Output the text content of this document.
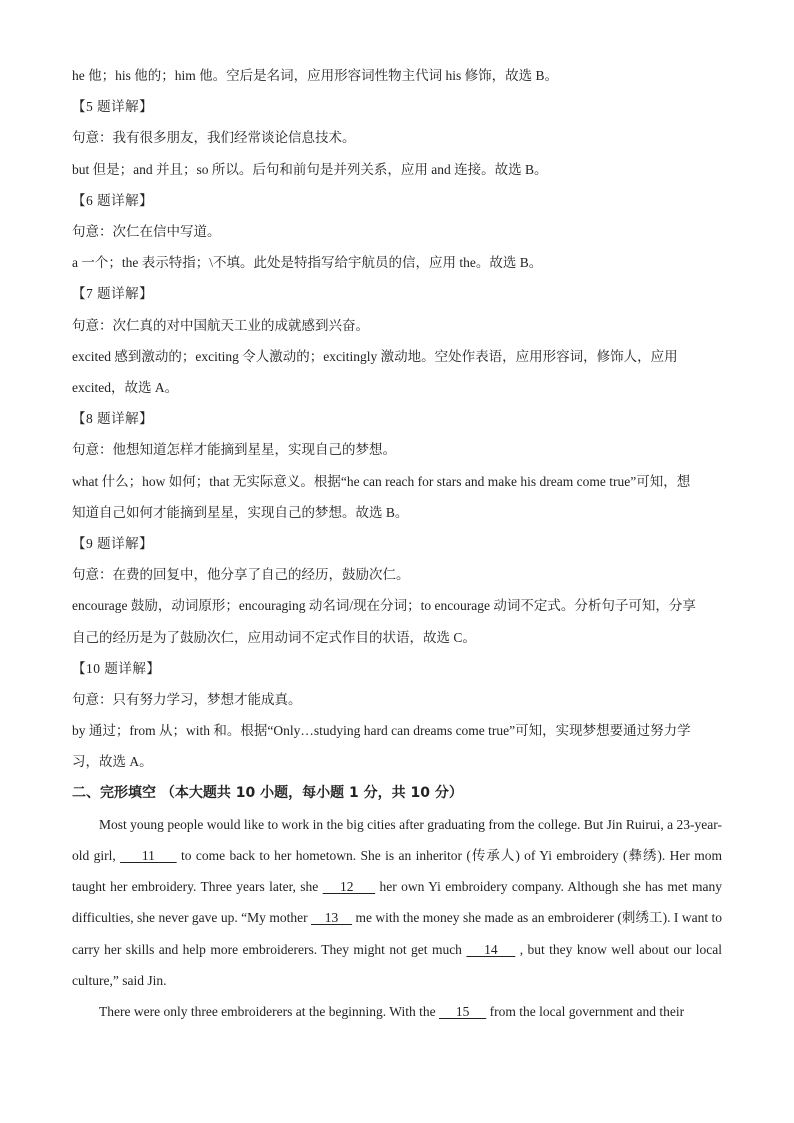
he 他；his 他的；him 他。空后是名词，应用形容词性物主代词 his 修饰，故选 B。
【5 题详解】
句意：我有很多朋友，我们经常谈论信息技术。
but 但是；and 并且；so 所以。后句和前句是并列关系，应用 and 连接。故选 B。
【6 题详解】
句意：次仁在信中写道。
a 一个；the 表示特指；\不填。此处是特指写给宇航员的信，应用 the。故选 B。
【7 题详解】
句意：次仁真的对中国航天工业的成就感到兴奋。
excited 感到激动的；exciting 令人激动的；excitingly 激动地。空处作表语，应用形容词，修饰人，应用
excited，故选 A。
【8 题详解】
句意：他想知道怎样才能摘到星星，实现自己的梦想。
what 什么；how 如何；that 无实际意义。根据“he can reach for stars and make his dream come true”可知，想
知道自己如何才能摘到星星，实现自己的梦想。故选 B。
【9 题详解】
句意：在费的回复中，他分享了自己的经历，鼓励次仁。
encourage 鼓励，动词原形；encouraging 动名词/现在分词；to encourage 动词不定式。分析句子可知，分享
自己的经历是为了鼓励次仁，应用动词不定式作目的状语，故选 C。
【10 题详解】
句意：只有努力学习，梦想才能成真。
by 通过；from 从；with 和。根据“Only…studying hard can dreams come true”可知，实现梦想要通过努力学
习，故选 A。
二、完形填空 （本大题共 10 小题，每小题 1 分，共 10 分）
Most young people would like to work in the big cities after graduating from the college. But Jin Ruirui, a 23-year-old girl,      11      to come back to her hometown. She is an inheritor (传承人) of Yi embroidery (彝绣). Her mom taught her embroidery. Three years later, she     12      her own Yi embroidery company. Although she has met many difficulties, she never gave up. “My mother     13     me with the money she made as an embroiderer (刺绣工). I want to carry her skills and help more embroiderers. They might not get much     14     , but they know well about our local culture,” said Jin.
There were only three embroiderers at the beginning. With the      15      from the local government and their
